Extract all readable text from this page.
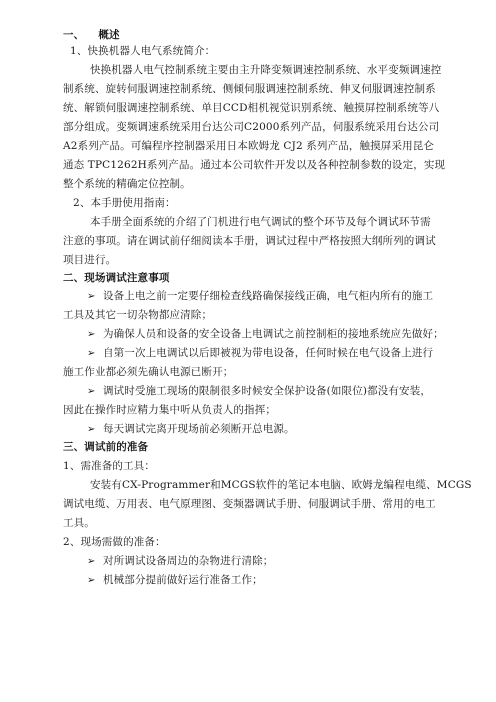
一、 概述
1、快换机器人电气系统简介：
快换机器人电气控制系统主要由主升降变频调速控制系统、水平变频调速控
制系统、旋转伺服调速控制系统、侧倾伺服调速控制系统、伸叉伺服调速控制系
统、解锁伺服调速控制系统、单目CCD相机视觉识别系统、触摸屏控制系统等八
部分组成。变频调速系统采用台达公司C2000系列产品，伺服系统采用台达公司
A2系列产品。可编程序控制器采用日本欧姆龙 CJ2 系列产品，触摸屏采用昆仑
通态 TPC1262H系列产品。通过本公司软件开发以及各种控制参数的设定，实现
整个系统的精确定位控制。
2、本手册使用指南：
本手册全面系统的介绍了门机进行电气调试的整个环节及每个调试环节需
注意的事项。请在调试前仔细阅读本手册，调试过程中严格按照大纲所列的调试
项目进行。
二、现场调试注意事项
➢ 设备上电之前一定要仔细检查线路确保接线正确，电气柜内所有的施工
工具及其它一切杂物都应清除；
➢ 为确保人员和设备的安全设备上电调试之前控制柜的接地系统应先做好；
➢ 自第一次上电调试以后即被视为带电设备，任何时候在电气设备上进行
施工作业都必须先确认电源已断开；
➢ 调试时受施工现场的限制很多时候安全保护设备(如限位)都没有安装，
因此在操作时应精力集中听从负责人的指挥；
➢ 每天调试完离开现场前必须断开总电源。
三、调试前的准备
1、需准备的工具：
安装有CX-Programmer和MCGS软件的笔记本电脑、欧姆龙编程电缆、MCGS
调试电缆、万用表、电气原理图、变频器调试手册、伺服调试手册、常用的电工
工具。
2、现场需做的准备：
➢ 对所调试设备周边的杂物进行清除；
➢ 机械部分提前做好运行准备工作；
